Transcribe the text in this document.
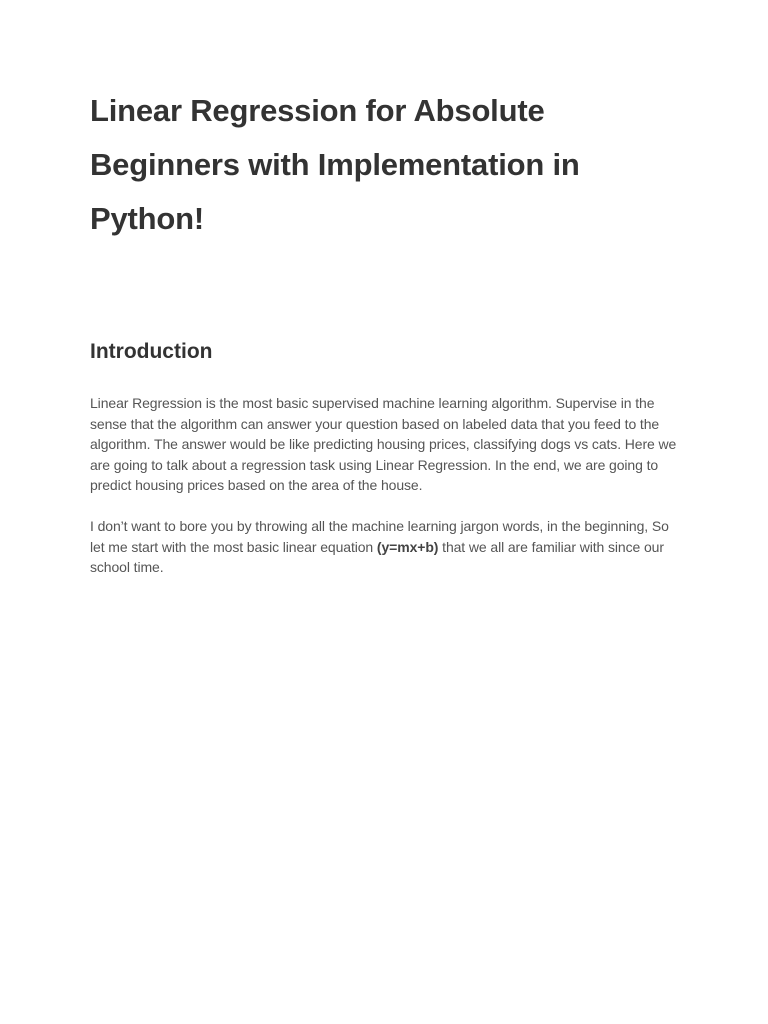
Linear Regression for Absolute Beginners with Implementation in Python!
Introduction

Linear Regression is the most basic supervised machine learning algorithm. Supervise in the sense that the algorithm can answer your question based on labeled data that you feed to the algorithm. The answer would be like predicting housing prices, classifying dogs vs cats. Here we are going to talk about a regression task using Linear Regression. In the end, we are going to predict housing prices based on the area of the house.

I don’t want to bore you by throwing all the machine learning jargon words, in the beginning, So let me start with the most basic linear equation (y=mx+b) that we all are familiar with since our school time.
